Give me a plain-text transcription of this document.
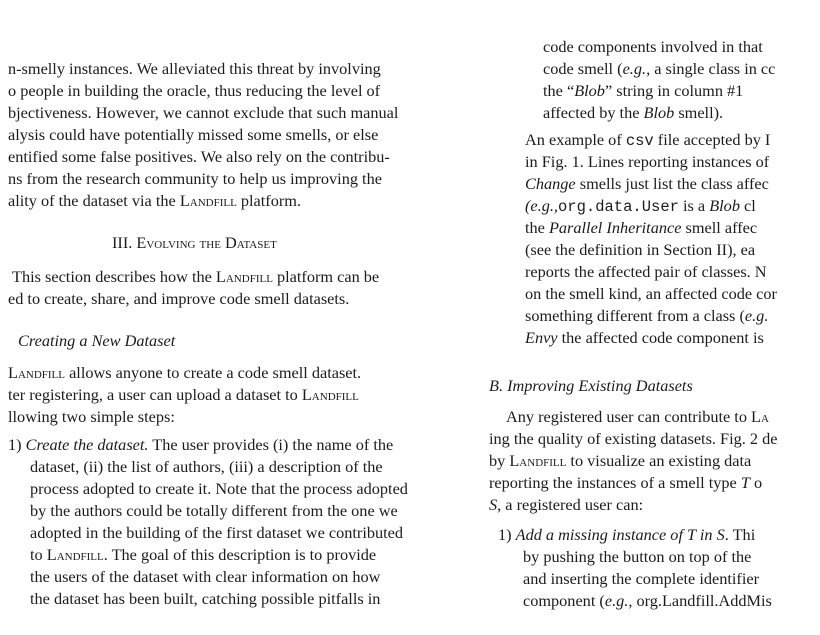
n-smelly instances. We alleviated this threat by involving
o people in building the oracle, thus reducing the level of
bjectiveness. However, we cannot exclude that such manual
alysis could have potentially missed some smells, or else
entified some false positives. We also rely on the contribu-
ns from the research community to help us improving the
ality of the dataset via the Landfill platform.
III. Evolving the Dataset
This section describes how the Landfill platform can be
ed to create, share, and improve code smell datasets.
Creating a New Dataset
Landfill allows anyone to create a code smell dataset.
ter registering, a user can upload a dataset to Landfill
llowing two simple steps:
1) Create the dataset. The user provides (i) the name of the
dataset, (ii) the list of authors, (iii) a description of the
process adopted to create it. Note that the process adopted
by the authors could be totally different from the one we
adopted in the building of the first dataset we contributed
to Landfill. The goal of this description is to provide
the users of the dataset with clear information on how
the dataset has been built, catching possible pitfalls in
code components involved in that
code smell (e.g., a single class in cc
the “Blob” string in column #1
affected by the Blob smell).
An example of csv file accepted by I
in Fig. 1. Lines reporting instances of
Change smells just list the class affec
(e.g.,org.data.User is a Blob cl
the Parallel Inheritance smell affec
(see the definition in Section II), ea
reports the affected pair of classes. N
on the smell kind, an affected code cor
something different from a class (e.g.
Envy the affected code component is
B. Improving Existing Datasets
Any registered user can contribute to La
ing the quality of existing datasets. Fig. 2 de
by Landfill to visualize an existing data
reporting the instances of a smell type T o
S, a registered user can:
1) Add a missing instance of T in S. Thi
by pushing the button on top of the
and inserting the complete identifier
component (e.g., org.Landfill.AddMis
